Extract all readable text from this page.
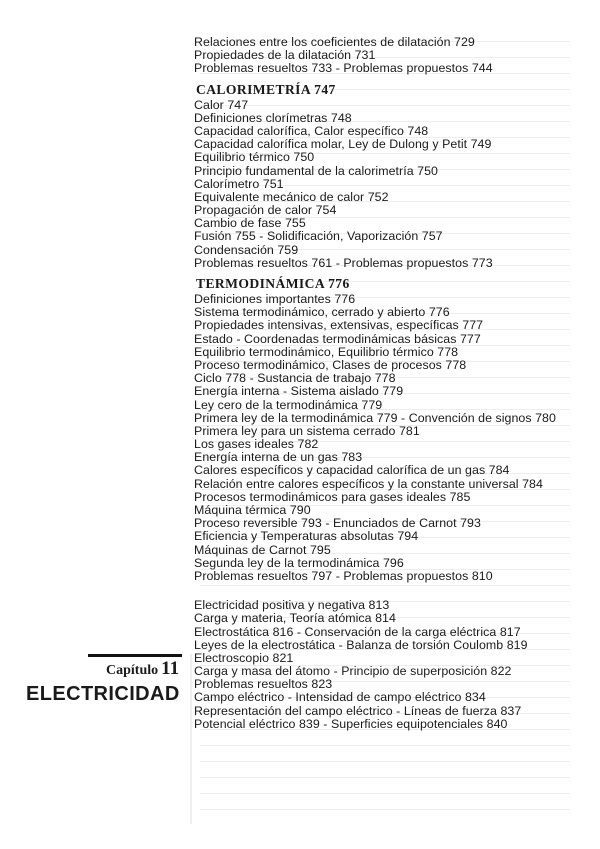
Relaciones entre los coeficientes de dilatación 729
Propiedades de la dilatación 731
Problemas resueltos 733 - Problemas propuestos 744
CALORIMETRÍA 747
Calor 747
Definiciones clorímetras 748
Capacidad calorífica, Calor específico 748
Capacidad calorífica molar, Ley de Dulong y Petit 749
Equilibrio térmico 750
Principio fundamental de la calorimetría 750
Calorímetro 751
Equivalente mecánico de calor 752
Propagación de calor 754
Cambio de fase 755
Fusión 755 - Solidificación, Vaporización 757
Condensación 759
Problemas resueltos 761 - Problemas propuestos 773
TERMODINÁMICA 776
Definiciones importantes 776
Sistema termodinámico, cerrado y abierto 776
Propiedades intensivas, extensivas, específicas 777
Estado - Coordenadas termodinámicas básicas 777
Equilibrio termodinámico, Equilibrio térmico 778
Proceso termodinámico, Clases de procesos 778
Ciclo 778 - Sustancia de trabajo 778
Energía interna - Sistema aislado 779
Ley cero de la termodinámica 779
Primera ley de la termodinámica 779 - Convención de signos 780
Primera ley para un sistema cerrado 781
Los gases ideales 782
Energía interna de un gas 783
Calores específicos y capacidad calorífica de un gas 784
Relación entre calores específicos y la constante universal 784
Procesos termodinámicos para gases ideales 785
Máquina térmica 790
Proceso reversible 793 - Enunciados de Carnot 793
Eficiencia y Temperaturas absolutas 794
Máquinas de Carnot 795
Segunda ley de la termodinámica 796
Problemas resueltos 797 - Problemas propuestos 810
Electricidad positiva y negativa 813
Carga y materia, Teoría atómica 814
Electrostática 816 - Conservación de la carga eléctrica 817
Leyes de la electrostática - Balanza de torsión Coulomb 819
Electroscopio 821
Carga y masa del átomo - Principio de superposición 822
Problemas resueltos 823
Campo eléctrico - Intensidad de campo eléctrico 834
Representación del campo eléctrico - Líneas de fuerza 837
Potencial eléctrico 839 - Superficies equipotenciales 840
Capítulo 11
ELECTRICIDAD
